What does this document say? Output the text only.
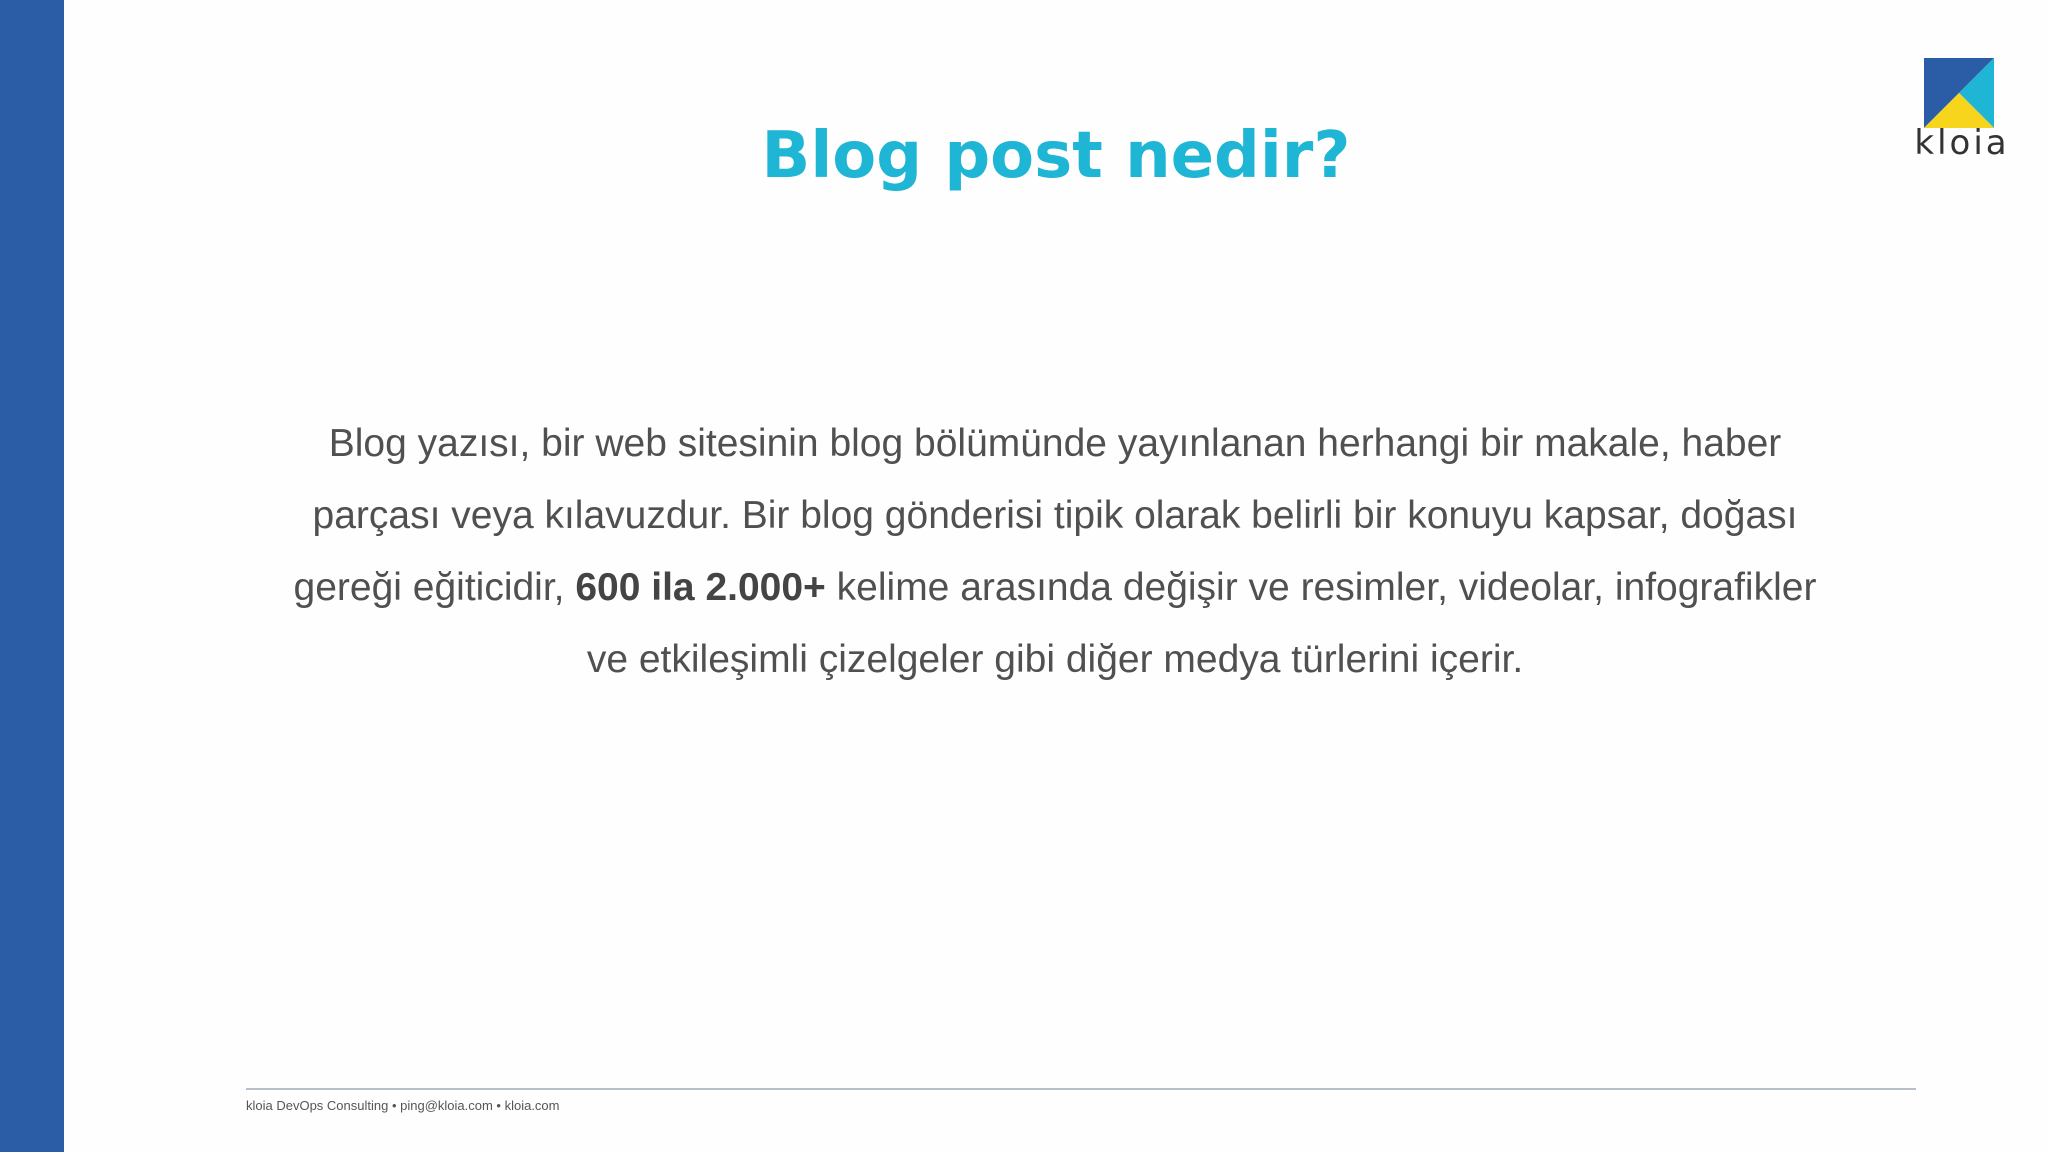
kloia
Blog post nedir?

Blog yazısı, bir web sitesinin blog bölümünde yayınlanan herhangi bir makale, haber parçası veya kılavuzdur. Bir blog gönderisi tipik olarak belirli bir konuyu kapsar, doğası gereği eğiticidir, 600 ila 2.000+ kelime arasında değişir ve resimler, videolar, infografikler ve etkileşimli çizelgeler gibi diğer medya türlerini içerir.

kloia DevOps Consulting • ping@kloia.com • kloia.com
